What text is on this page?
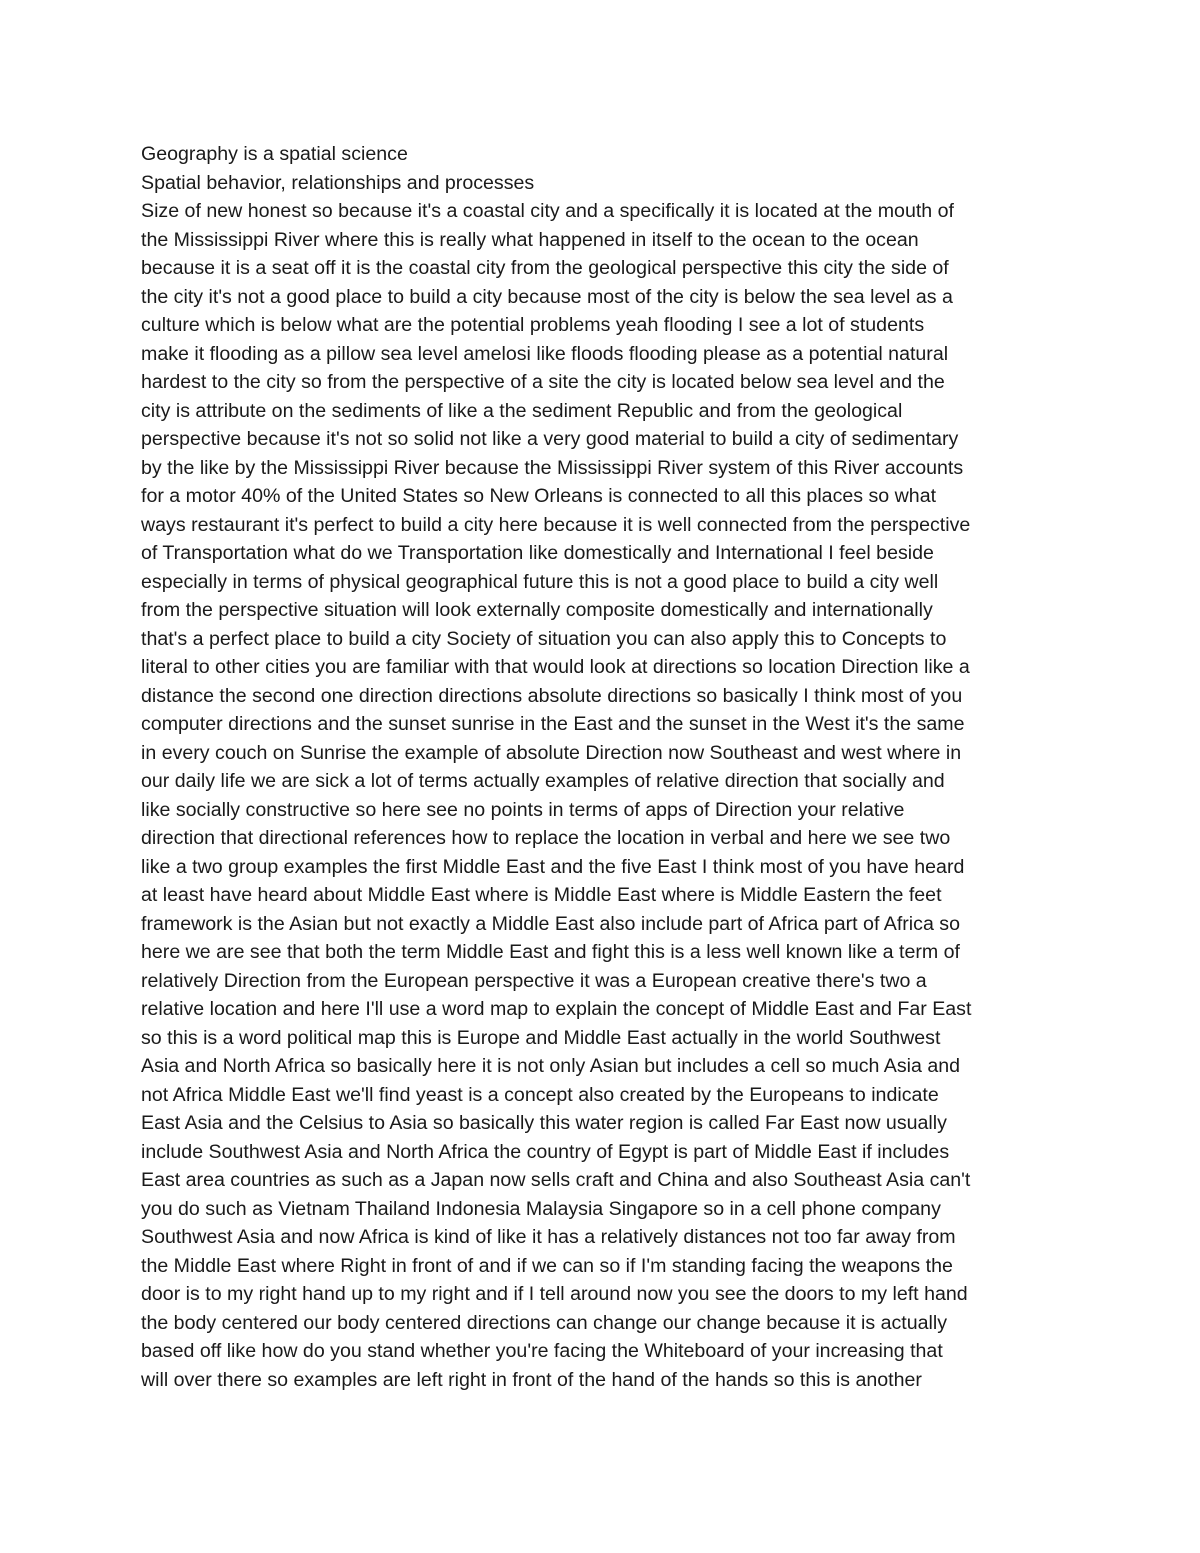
Geography is a spatial science
Spatial behavior, relationships and processes
Size of new honest so because it's a coastal city and a specifically it is located at the mouth of
the Mississippi River where this is really what happened in itself to the ocean to the ocean
because it is a seat off it is the coastal city from the geological perspective this city the side of
the city it's not a good place to build a city because most of the city is below the sea level as a
culture which is below what are the potential problems yeah flooding I see a lot of students
make it flooding as a pillow sea level amelosi like floods flooding please as a potential natural
hardest to the city so from the perspective of a site the city is located below sea level and the
city is attribute on the sediments of like a the sediment Republic and from the geological
perspective because it's not so solid not like a very good material to build a city of sedimentary
by the like by the Mississippi River because the Mississippi River system of this River accounts
for a motor 40% of the United States so New Orleans is connected to all this places so what
ways restaurant it's perfect to build a city here because it is well connected from the perspective
of Transportation what do we Transportation like domestically and International I feel beside
especially in terms of physical geographical future this is not a good place to build a city well
from the perspective situation will look externally composite domestically and internationally
that's a perfect place to build a city Society of situation you can also apply this to Concepts to
literal to other cities you are familiar with that would look at directions so location Direction like a
distance the second one direction directions absolute directions so basically I think most of you
computer directions and the sunset sunrise in the East and the sunset in the West it's the same
in every couch on Sunrise the example of absolute Direction now Southeast and west where in
our daily life we are sick a lot of terms actually examples of relative direction that socially and
like socially constructive so here see no points in terms of apps of Direction your relative
direction that directional references how to replace the location in verbal and here we see two
like a two group examples the first Middle East and the five East I think most of you have heard
at least have heard about Middle East where is Middle East where is Middle Eastern the feet
framework is the Asian but not exactly a Middle East also include part of Africa part of Africa so
here we are see that both the term Middle East and fight this is a less well known like a term of
relatively Direction from the European perspective it was a European creative there's two a
relative location and here I'll use a word map to explain the concept of Middle East and Far East
so this is a word political map this is Europe and Middle East actually in the world Southwest
Asia and North Africa so basically here it is not only Asian but includes a cell so much Asia and
not Africa Middle East we'll find yeast is a concept also created by the Europeans to indicate
East Asia and the Celsius to Asia so basically this water region is called Far East now usually
include Southwest Asia and North Africa the country of Egypt is part of Middle East if includes
East area countries as such as a Japan now sells craft and China and also Southeast Asia can't
you do such as Vietnam Thailand Indonesia Malaysia Singapore so in a cell phone company
Southwest Asia and now Africa is kind of like it has a relatively distances not too far away from
the Middle East where Right in front of and if we can so if I'm standing facing the weapons the
door is to my right hand up to my right and if I tell around now you see the doors to my left hand
the body centered our body centered directions can change our change because it is actually
based off like how do you stand whether you're facing the Whiteboard of your increasing that
will over there so examples are left right in front of the hand of the hands so this is another
